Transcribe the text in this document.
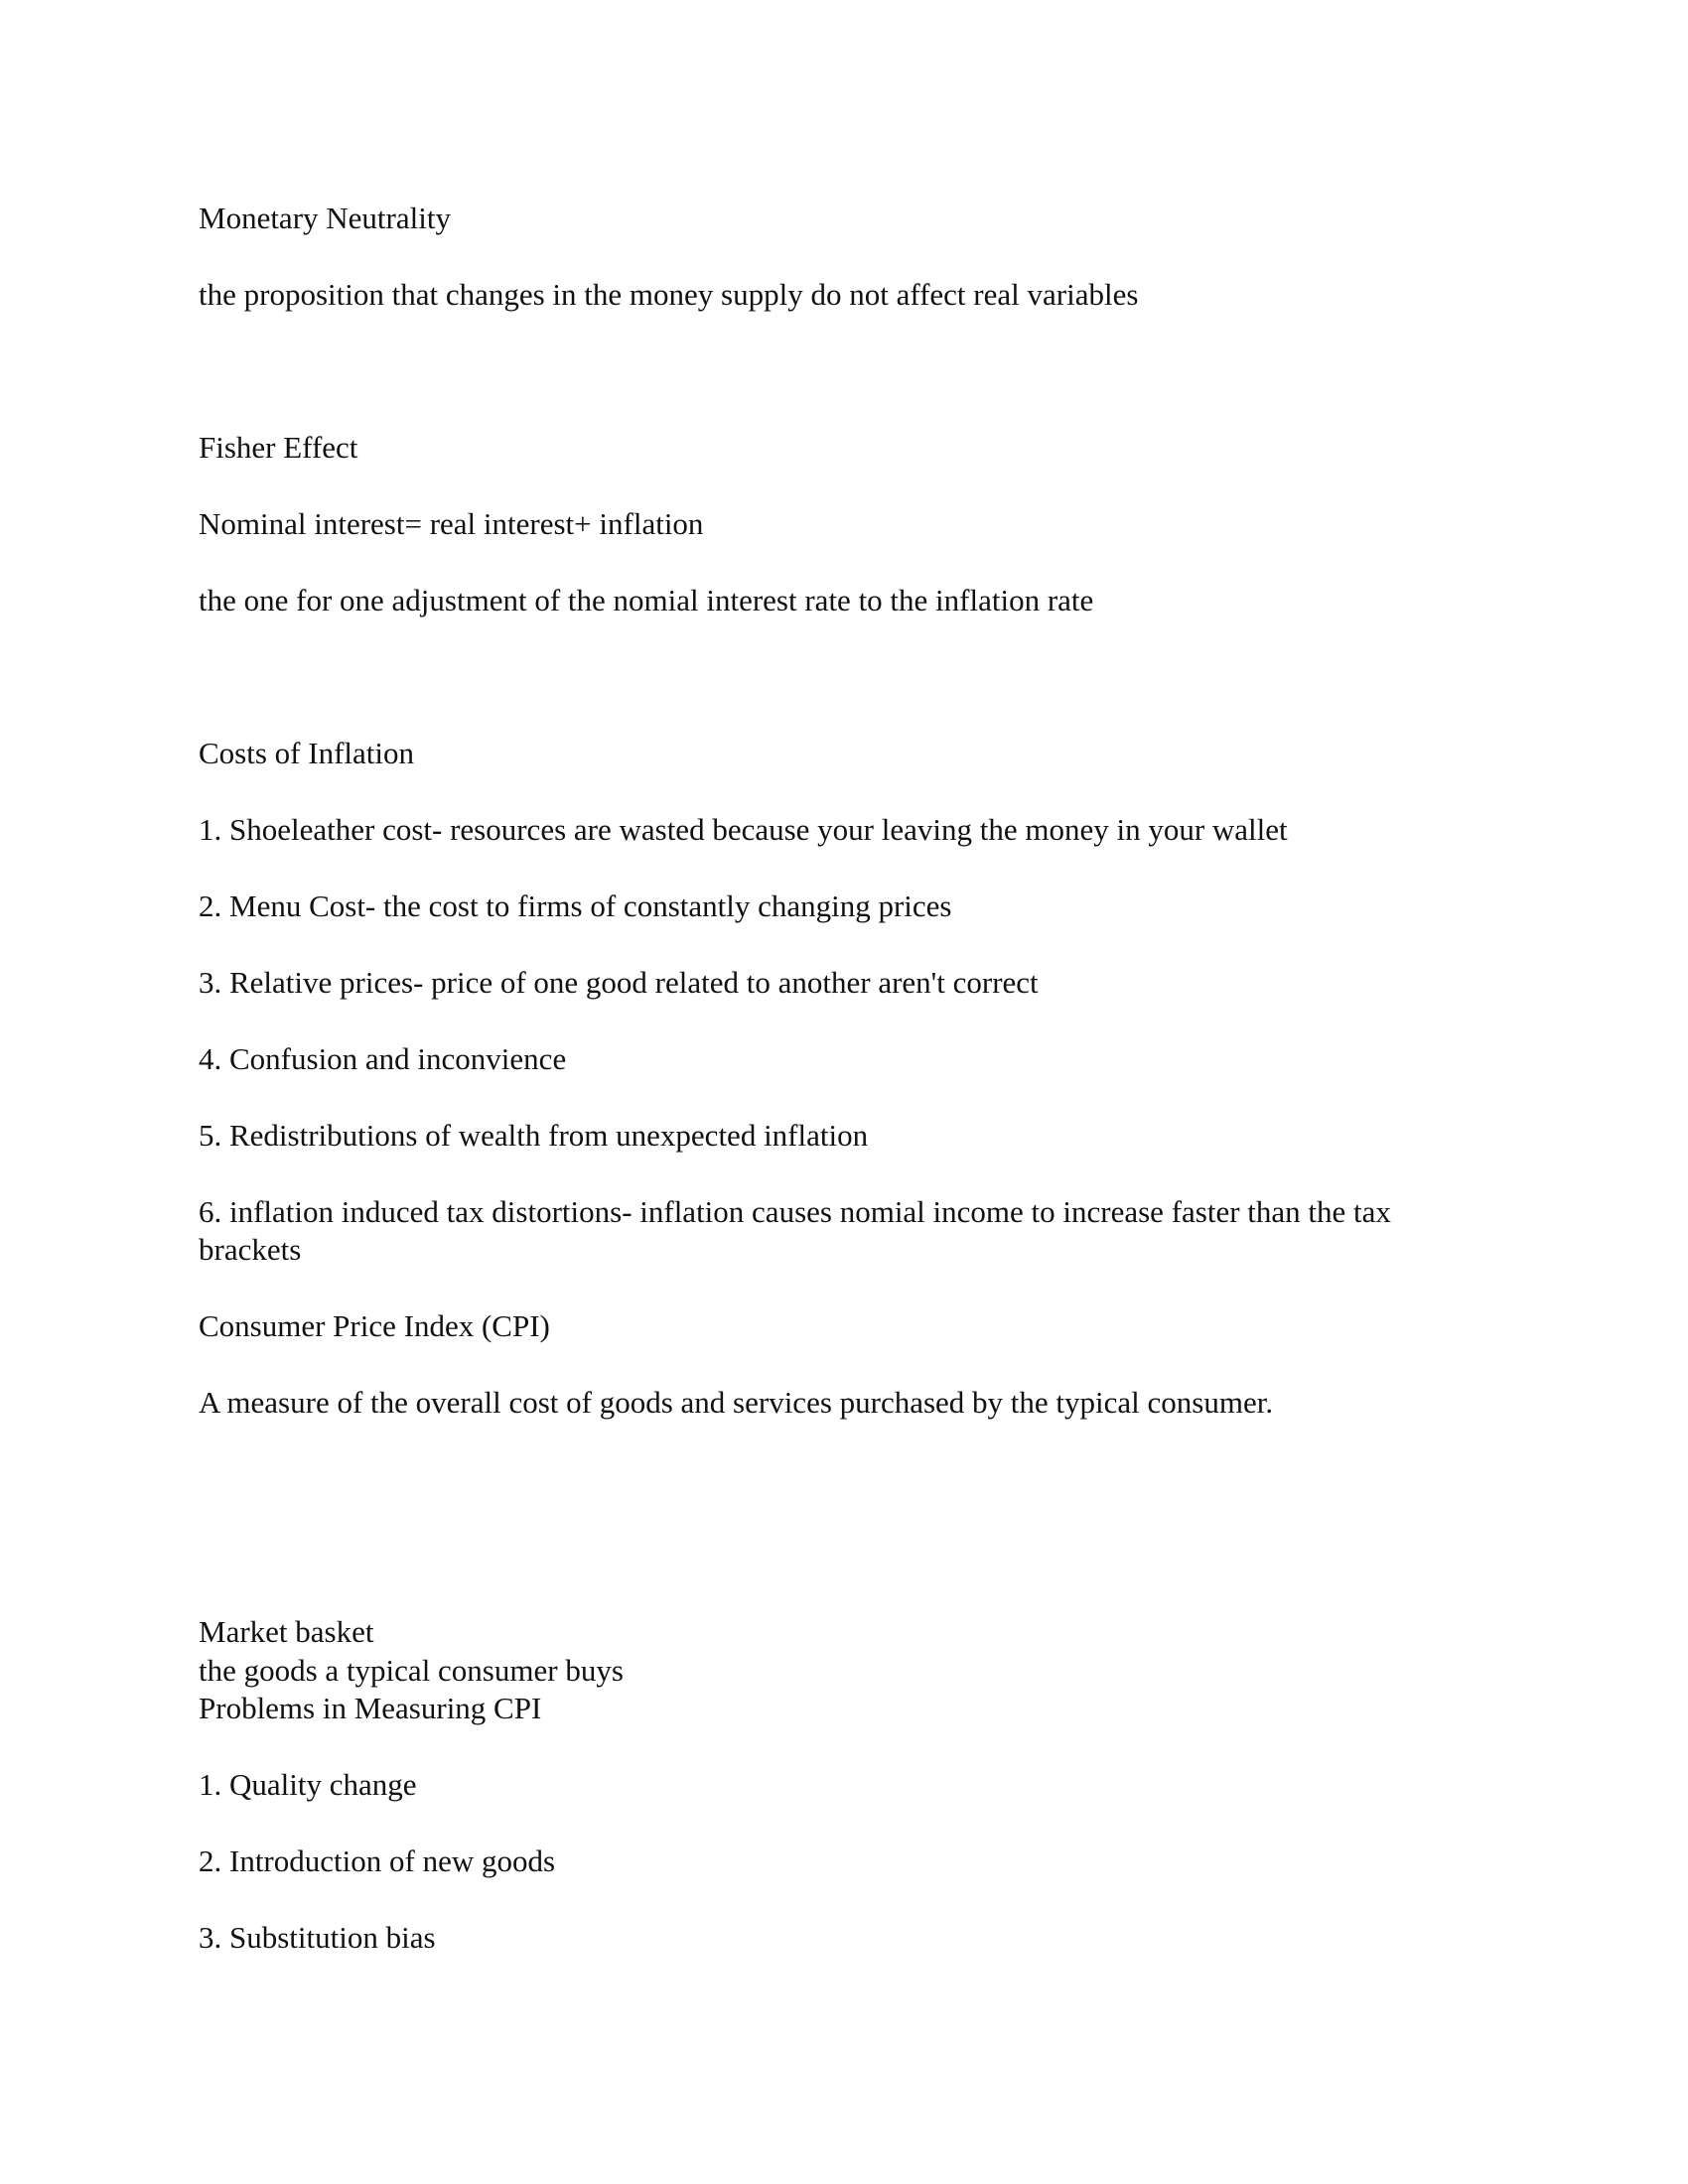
Monetary Neutrality
the proposition that changes in the money supply do not affect real variables
Fisher Effect
Nominal interest= real interest+ inflation
the one for one adjustment of the nomial interest rate to the inflation rate
Costs of Inflation
1. Shoeleather cost- resources are wasted because your leaving the money in your wallet
2. Menu Cost- the cost to firms of constantly changing prices
3. Relative prices- price of one good related to another aren't correct
4. Confusion and inconvience
5. Redistributions of wealth from unexpected inflation
6. inflation induced tax distortions- inflation causes nomial income to increase faster than the tax brackets
Consumer Price Index (CPI)
A measure of the overall cost of goods and services purchased by the typical consumer.
Market basket
the goods a typical consumer buys
Problems in Measuring CPI
1. Quality change
2. Introduction of new goods
3. Substitution bias
